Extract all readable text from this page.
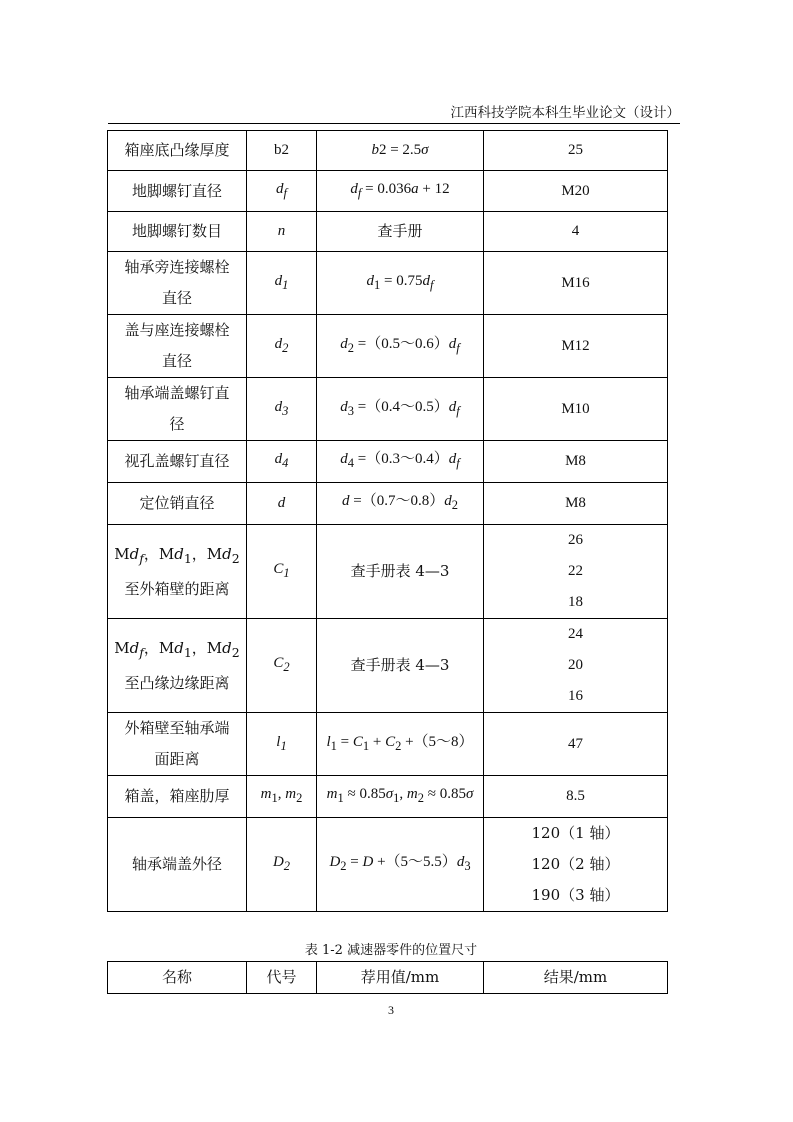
江西科技学院本科生毕业论文（设计）
箱座底凸缘厚度	b2	b2 = 2.5σ	25
地脚螺钉直径	$d_f$	$d_f = 0.036a + 12$	M20
地脚螺钉数目	n	查手册	4

轴承旁连接螺栓
直径	$d_1$	$d_1 = 0.75d_f$	M16

盖与座连接螺栓
直径	$d_2$	$d_2$ $=(0.5\sim 0.6)d_f$	M12

轴承端盖螺钉直
径	$d_3$	$d_3$ $=(0.4\sim 0.5)d_f$	M10
视孔盖螺钉直径	$d_4$	$d_4$ $=(0.3\sim 0.4)d_f$	M8
定位销直径	d	$d =(0.7\sim 0.8)d_2$	M8

$Md_f$，$Md_1$，$Md_2$
至外箱壁的距离	$C_1$	查手册表 4—3	26
22
18

$Md_f$，$Md_1$，$Md_2$
至凸缘边缘距离	$C_2$	查手册表 4—3	24
20
16

外箱壁至轴承端
面距离	$l_1$	$l_1 = C_1 + C_2$ +（5～8）	47
箱盖，箱座肋厚	$m_1$, $m_2$	$m_1 \approx 0.85\sigma_1$, $m_2 \approx 0.85\sigma$	8.5
轴承端盖外径	$D_2$	$D_2 = D$ $+(5\sim 5.5)d_3$	120（1 轴）
120（2 轴）
190（3 轴）
表 1-2 减速器零件的位置尺寸
名称	代号	荐用值/mm	结果/mm
3
